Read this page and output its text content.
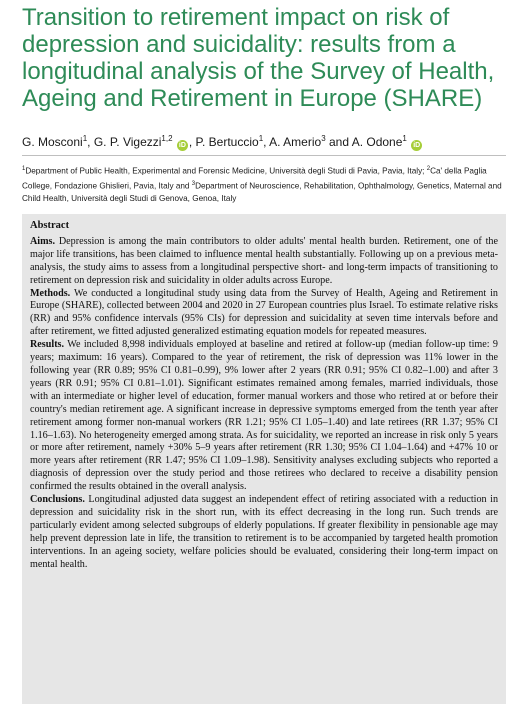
Transition to retirement impact on risk of depression and suicidality: results from a longitudinal analysis of the Survey of Health, Ageing and Retirement in Europe (SHARE)
G. Mosconi$^1$, G. P. Vigezzi$^{1,2}$ iD , P. Bertuccio$^1$, A. Amerio$^3$ and A. Odone$^1$ iD
$^1$Department of Public Health, Experimental and Forensic Medicine, Università degli Studi di Pavia, Pavia, Italy; $^2$Ca' della Paglia College, Fondazione Ghislieri, Pavia, Italy and $^3$Department of Neuroscience, Rehabilitation, Ophthalmology, Genetics, Maternal and Child Health, Università degli Studi di Genova, Genoa, Italy
Abstract

Aims. Depression is among the main contributors to older adults' mental health burden. Retirement, one of the major life transitions, has been claimed to influence mental health substantially. Following up on a previous meta-analysis, the study aims to assess from a longitudinal perspective short- and long-term impacts of transitioning to retirement on depression risk and suicidality in older adults across Europe.

Methods. We conducted a longitudinal study using data from the Survey of Health, Ageing and Retirement in Europe (SHARE), collected between 2004 and 2020 in 27 European countries plus Israel. To estimate relative risks (RR) and 95% confidence intervals (95% CIs) for depression and suicidality at seven time intervals before and after retirement, we fitted adjusted generalized estimating equation models for repeated measures.

Results. We included 8,998 individuals employed at baseline and retired at follow-up (median follow-up time: 9 years; maximum: 16 years). Compared to the year of retirement, the risk of depression was 11% lower in the following year (RR 0.89; 95% CI 0.81–0.99), 9% lower after 2 years (RR 0.91; 95% CI 0.82–1.00) and after 3 years (RR 0.91; 95% CI 0.81–1.01). Significant estimates remained among females, married individuals, those with an intermediate or higher level of education, former manual workers and those who retired at or before their country's median retirement age. A significant increase in depressive symptoms emerged from the tenth year after retirement among former non-manual workers (RR 1.21; 95% CI 1.05–1.40) and late retirees (RR 1.37; 95% CI 1.16–1.63). No heterogeneity emerged among strata. As for suicidality, we reported an increase in risk only 5 years or more after retirement, namely +30% 5–9 years after retirement (RR 1.30; 95% CI 1.04–1.64) and +47% 10 or more years after retirement (RR 1.47; 95% CI 1.09–1.98). Sensitivity analyses excluding subjects who reported a diagnosis of depression over the study period and those retirees who declared to receive a disability pension confirmed the results obtained in the overall analysis.

Conclusions. Longitudinal adjusted data suggest an independent effect of retiring associated with a reduction in depression and suicidality risk in the short run, with its effect decreasing in the long run. Such trends are particularly evident among selected subgroups of elderly populations. If greater flexibility in pensionable age may help prevent depression late in life, the transition to retirement is to be accompanied by targeted health promotion interventions. In an ageing society, welfare policies should be evaluated, considering their long-term impact on mental health.
